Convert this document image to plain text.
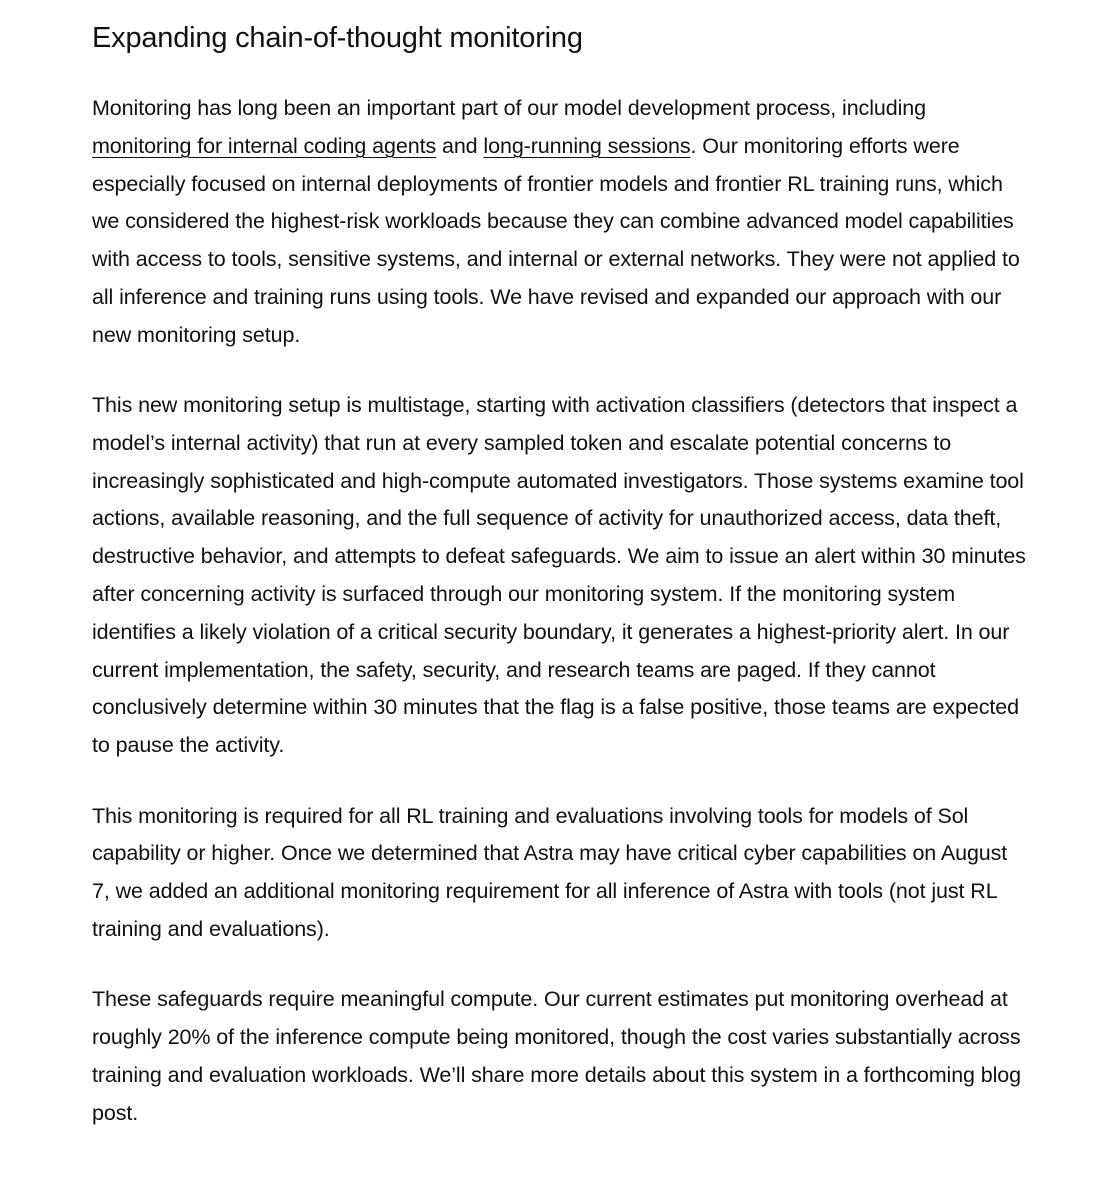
Expanding chain-of-thought monitoring

Monitoring has long been an important part of our model development process, including monitoring for internal coding agents and long-running sessions. Our monitoring efforts were especially focused on internal deployments of frontier models and frontier RL training runs, which we considered the highest-risk workloads because they can combine advanced model capabilities with access to tools, sensitive systems, and internal or external networks. They were not applied to all inference and training runs using tools. We have revised and expanded our approach with our new monitoring setup.

This new monitoring setup is multistage, starting with activation classifiers (detectors that inspect a model’s internal activity) that run at every sampled token and escalate potential concerns to increasingly sophisticated and high-compute automated investigators. Those systems examine tool actions, available reasoning, and the full sequence of activity for unauthorized access, data theft, destructive behavior, and attempts to defeat safeguards. We aim to issue an alert within 30 minutes after concerning activity is surfaced through our monitoring system. If the monitoring system identifies a likely violation of a critical security boundary, it generates a highest-priority alert. In our current implementation, the safety, security, and research teams are paged. If they cannot conclusively determine within 30 minutes that the flag is a false positive, those teams are expected to pause the activity.

This monitoring is required for all RL training and evaluations involving tools for models of Sol capability or higher. Once we determined that Astra may have critical cyber capabilities on August 7, we added an additional monitoring requirement for all inference of Astra with tools (not just RL training and evaluations).

These safeguards require meaningful compute. Our current estimates put monitoring overhead at roughly 20% of the inference compute being monitored, though the cost varies substantially across training and evaluation workloads. We’ll share more details about this system in a forthcoming blog post.
